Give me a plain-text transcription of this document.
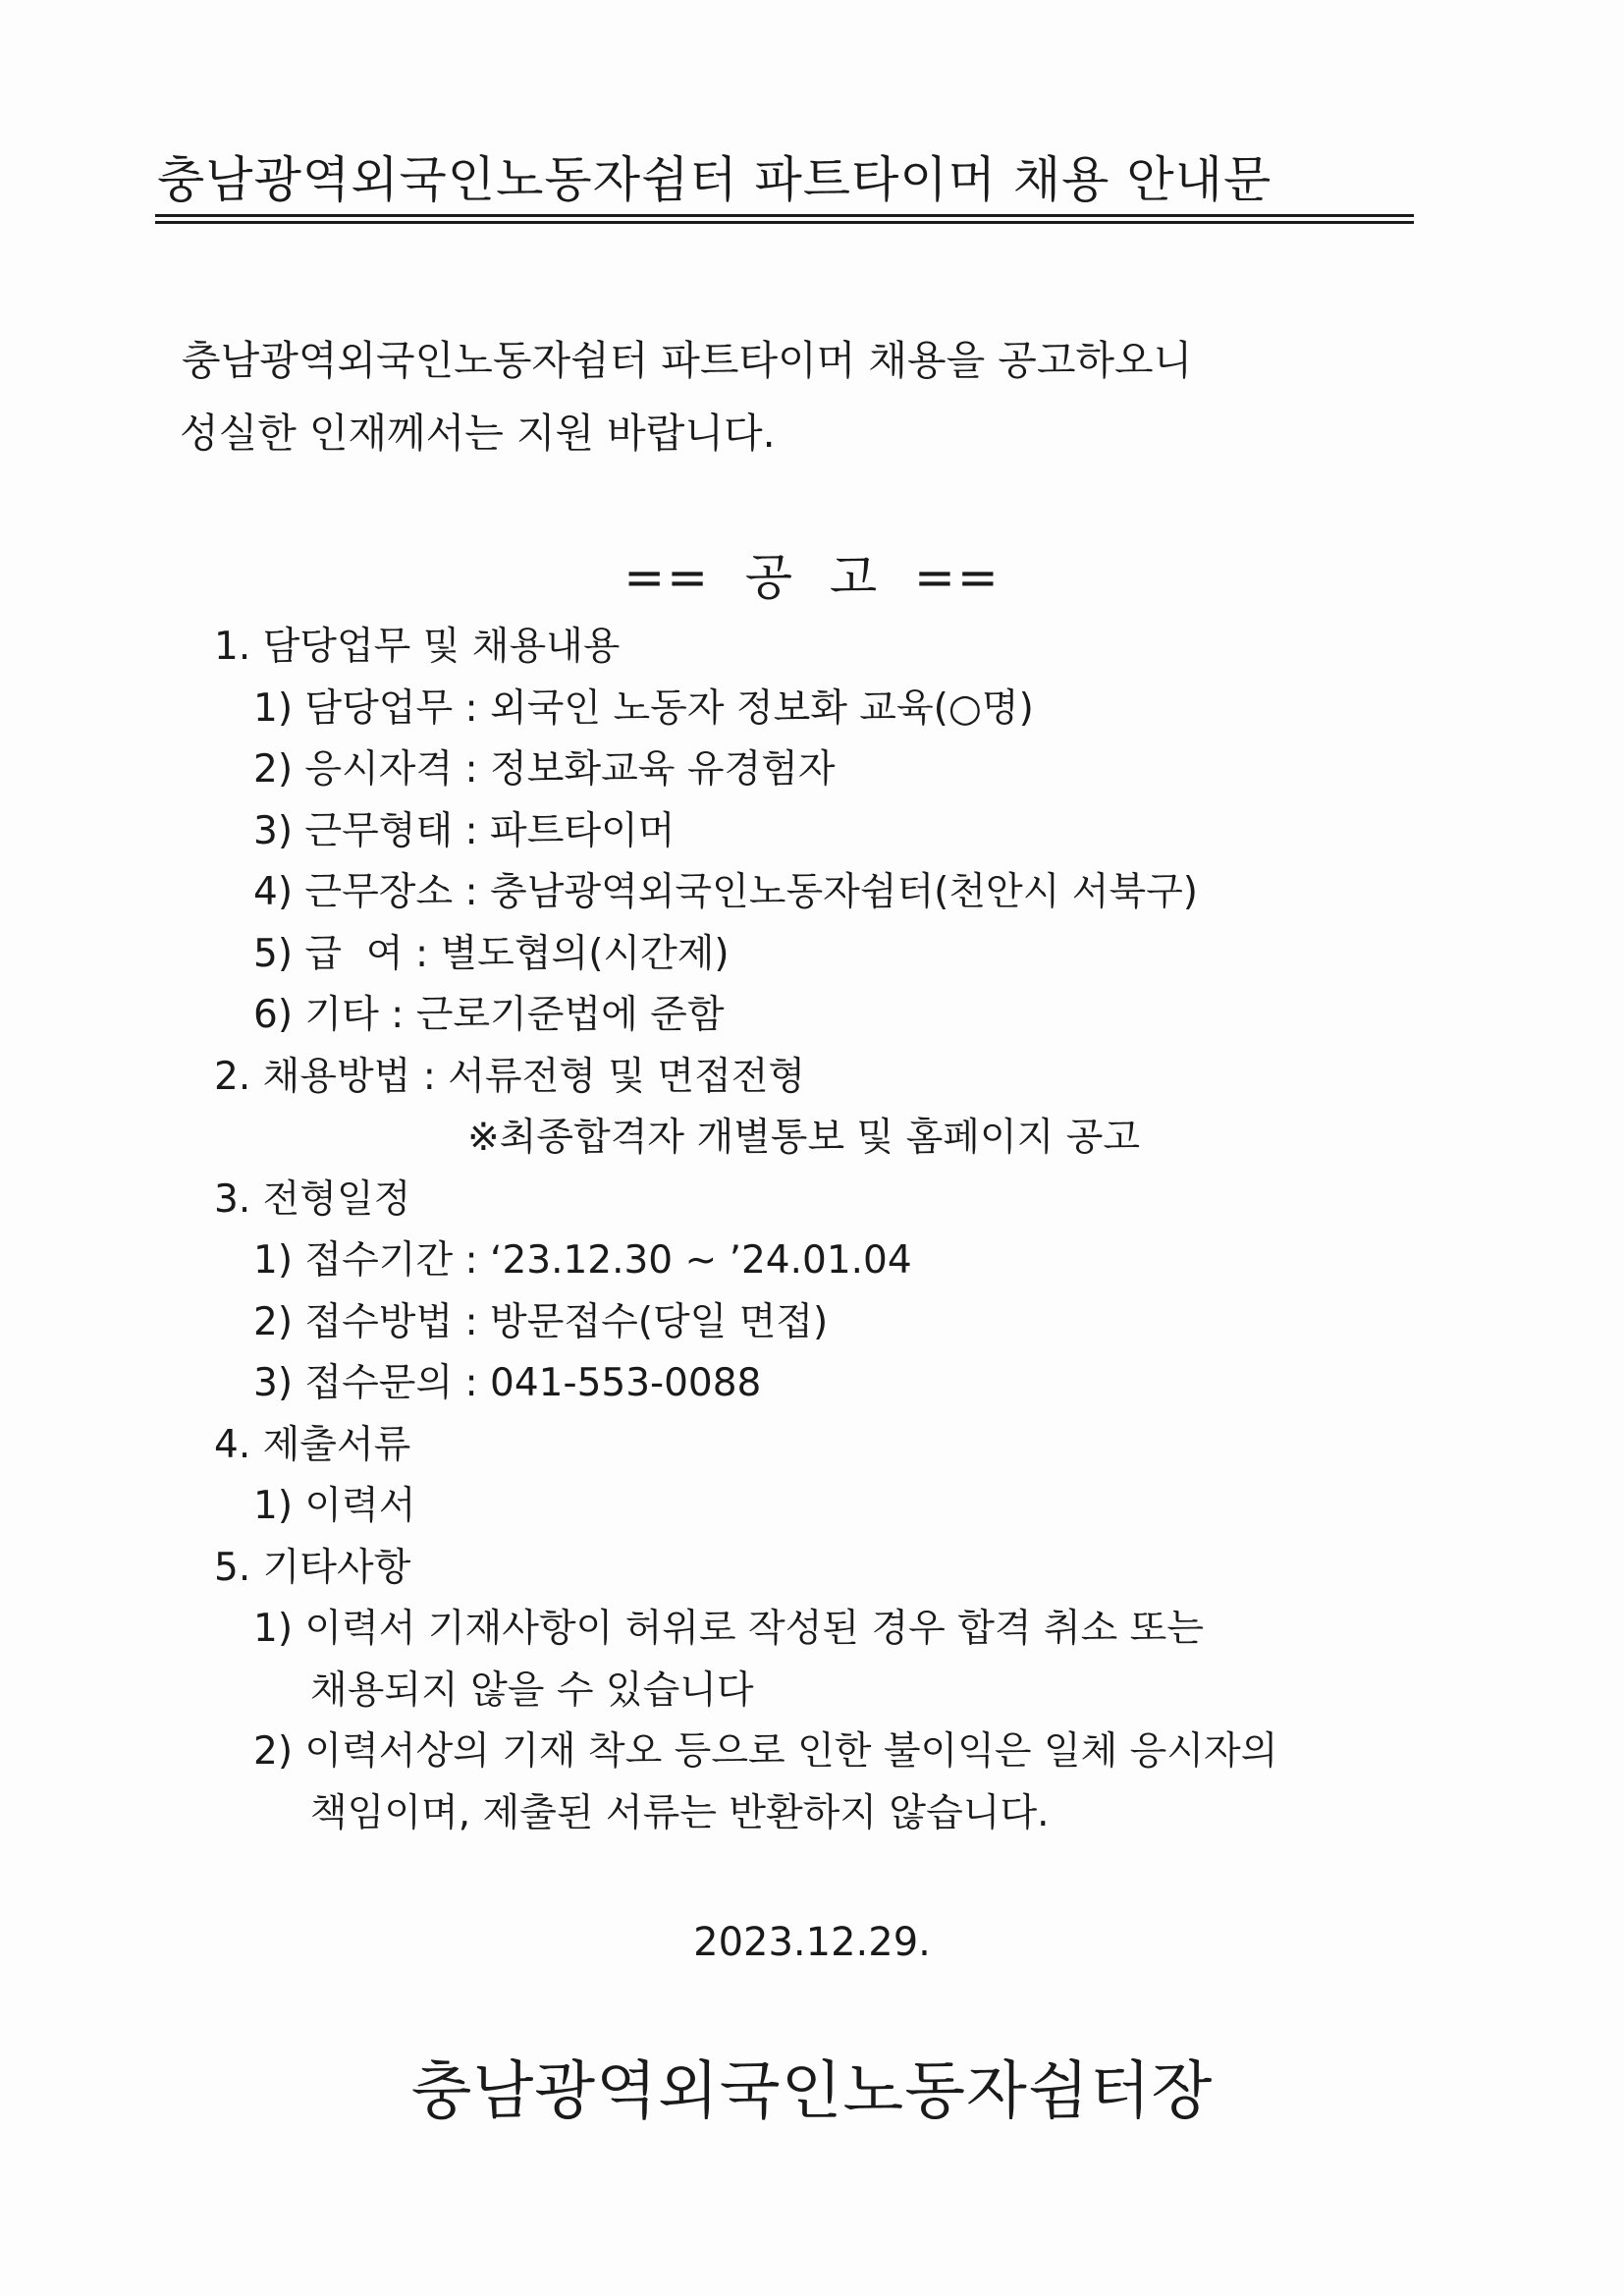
충남광역외국인노동자쉼터 파트타이머 채용 안내문
충남광역외국인노동자쉼터 파트타이머 채용을 공고하오니
성실한 인재께서는 지원 바랍니다.
==  공  고  ==
1. 담당업무 및 채용내용
1) 담당업무 : 외국인 노동자 정보화 교육(○명)
2) 응시자격 : 정보화교육 유경험자
3) 근무형태 : 파트타이머
4) 근무장소 : 충남광역외국인노동자쉼터(천안시 서북구)
5) 급  여 : 별도협의(시간제)
6) 기타 : 근로기준법에 준함
2. 채용방법 : 서류전형 및 면접전형
※최종합격자 개별통보 및 홈페이지 공고
3. 전형일정
1) 접수기간 : ‘23.12.30 ~ ’24.01.04
2) 접수방법 : 방문접수(당일 면접)
3) 접수문의 : 041-553-0088
4. 제출서류
1) 이력서
5. 기타사항
1) 이력서 기재사항이 허위로 작성된 경우 합격 취소 또는
채용되지 않을 수 있습니다
2) 이력서상의 기재 착오 등으로 인한 불이익은 일체 응시자의
책임이며, 제출된 서류는 반환하지 않습니다.
2023.12.29.
충남광역외국인노동자쉼터장
